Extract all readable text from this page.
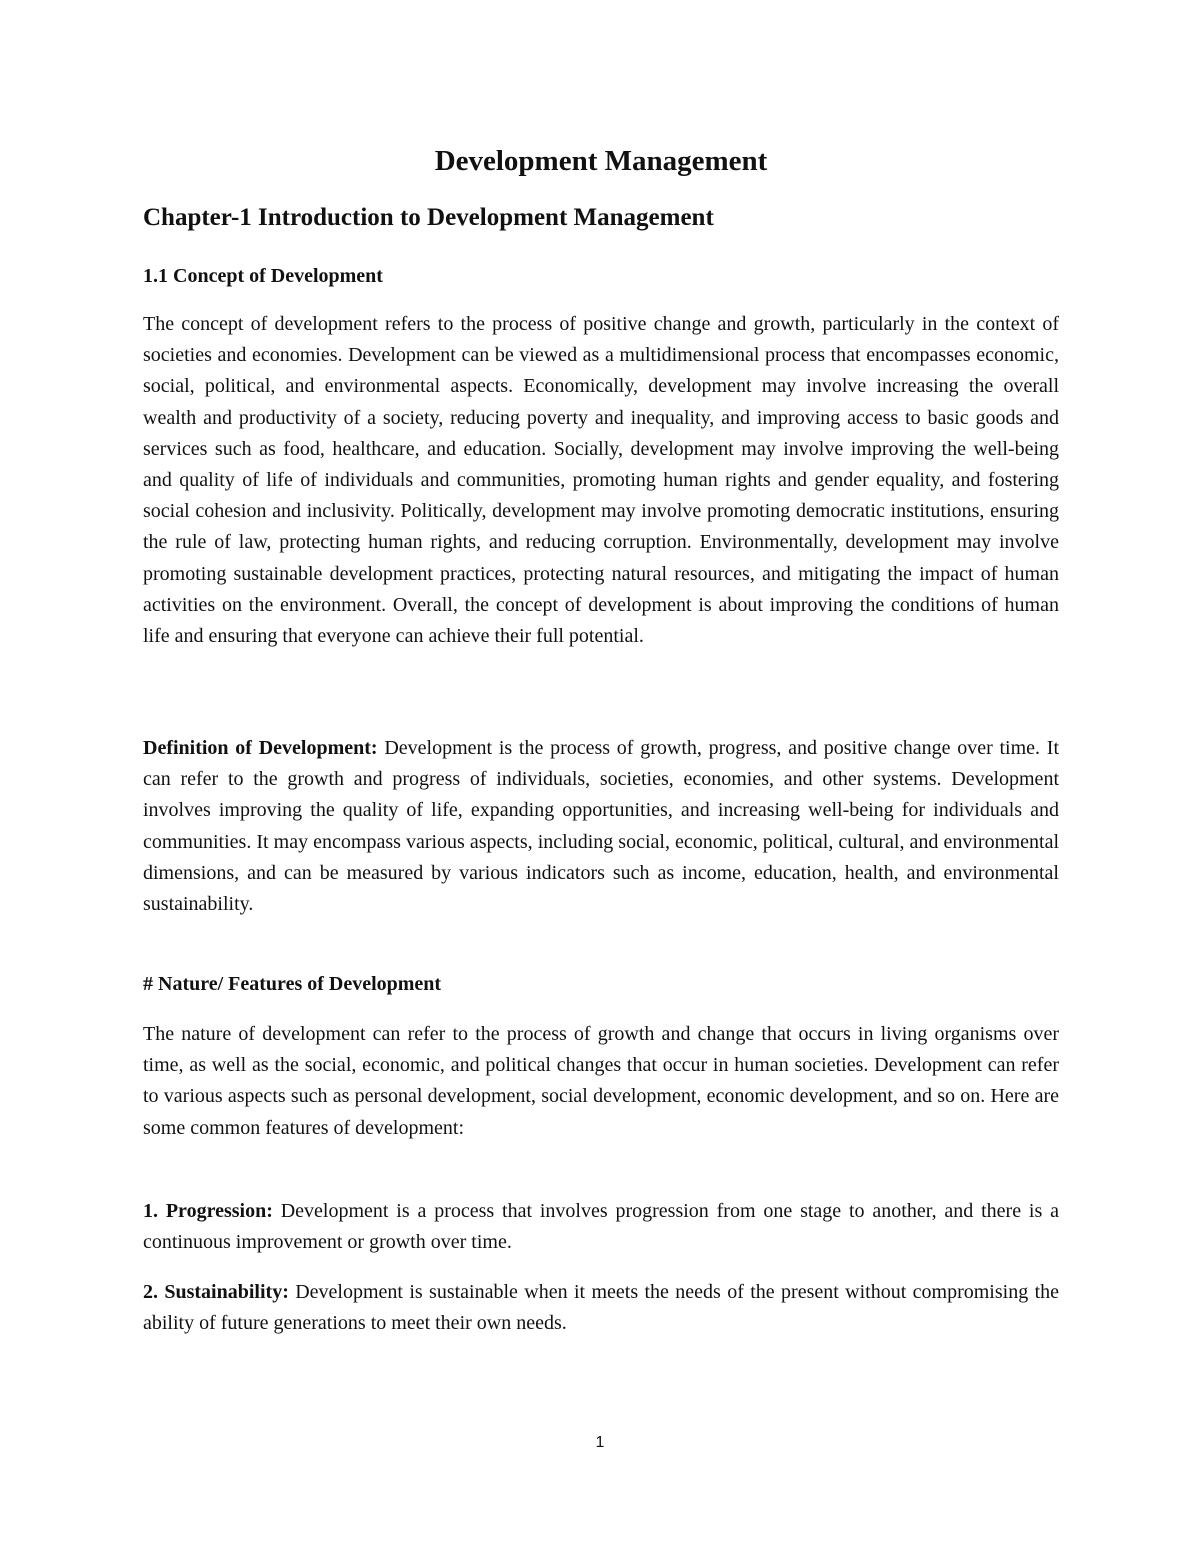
Development Management
Chapter-1 Introduction to Development Management
1.1 Concept of Development

The concept of development refers to the process of positive change and growth, particularly in the context of societies and economies. Development can be viewed as a multidimensional process that encompasses economic, social, political, and environmental aspects. Economically, development may involve increasing the overall wealth and productivity of a society, reducing poverty and inequality, and improving access to basic goods and services such as food, healthcare, and education. Socially, development may involve improving the well-being and quality of life of individuals and communities, promoting human rights and gender equality, and fostering social cohesion and inclusivity. Politically, development may involve promoting democratic institutions, ensuring the rule of law, protecting human rights, and reducing corruption. Environmentally, development may involve promoting sustainable development practices, protecting natural resources, and mitigating the impact of human activities on the environment. Overall, the concept of development is about improving the conditions of human life and ensuring that everyone can achieve their full potential.

Definition of Development: Development is the process of growth, progress, and positive change over time. It can refer to the growth and progress of individuals, societies, economies, and other systems. Development involves improving the quality of life, expanding opportunities, and increasing well-being for individuals and communities. It may encompass various aspects, including social, economic, political, cultural, and environmental dimensions, and can be measured by various indicators such as income, education, health, and environmental sustainability.

# Nature/ Features of Development

The nature of development can refer to the process of growth and change that occurs in living organisms over time, as well as the social, economic, and political changes that occur in human societies. Development can refer to various aspects such as personal development, social development, economic development, and so on. Here are some common features of development:

1. Progression: Development is a process that involves progression from one stage to another, and there is a continuous improvement or growth over time.

2. Sustainability: Development is sustainable when it meets the needs of the present without compromising the ability of future generations to meet their own needs.

1
